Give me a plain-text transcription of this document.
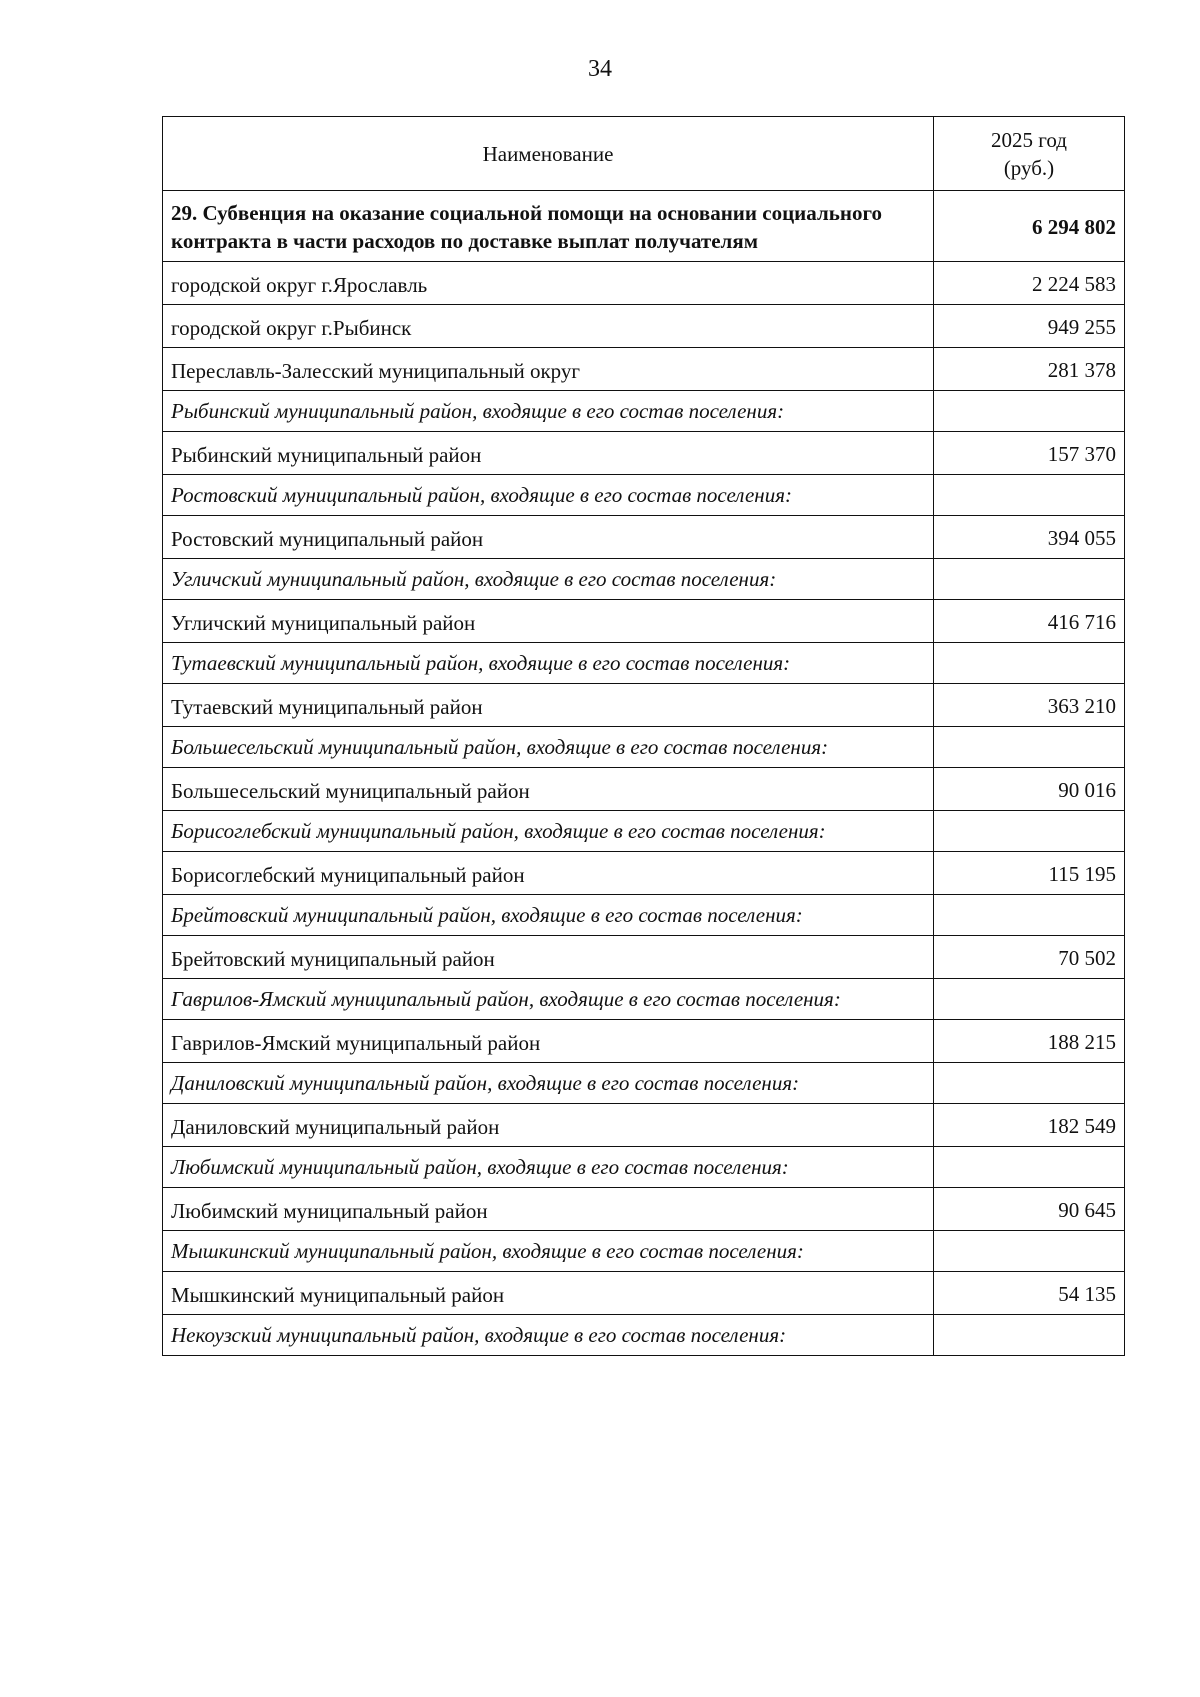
34
Наименование	2025 год
(руб.)

29. Субвенция на оказание социальной помощи на основании социального контракта в части расходов по доставке выплат получателям	6 294 802
городской округ г.Ярославль	2 224 583
городской округ г.Рыбинск	949 255
Переславль-Залесский муниципальный округ	281 378
Рыбинский муниципальный район, входящие в его состав поселения:	
Рыбинский муниципальный район	157 370
Ростовский муниципальный район, входящие в его состав поселения:	
Ростовский муниципальный район	394 055
Угличский муниципальный район, входящие в его состав поселения:	
Угличский муниципальный район	416 716
Тутаевский муниципальный район, входящие в его состав поселения:	
Тутаевский муниципальный район	363 210
Большесельский муниципальный район, входящие в его состав поселения:	
Большесельский муниципальный район	90 016
Борисоглебский муниципальный район, входящие в его состав поселения:	
Борисоглебский муниципальный район	115 195
Брейтовский муниципальный район, входящие в его состав поселения:	
Брейтовский муниципальный район	70 502
Гаврилов-Ямский муниципальный район, входящие в его состав поселения:	
Гаврилов-Ямский муниципальный район	188 215
Даниловский муниципальный район, входящие в его состав поселения:	
Даниловский муниципальный район	182 549
Любимский муниципальный район, входящие в его состав поселения:	
Любимский муниципальный район	90 645
Мышкинский муниципальный район, входящие в его состав поселения:	
Мышкинский муниципальный район	54 135
Некоузский муниципальный район, входящие в его состав поселения:	
